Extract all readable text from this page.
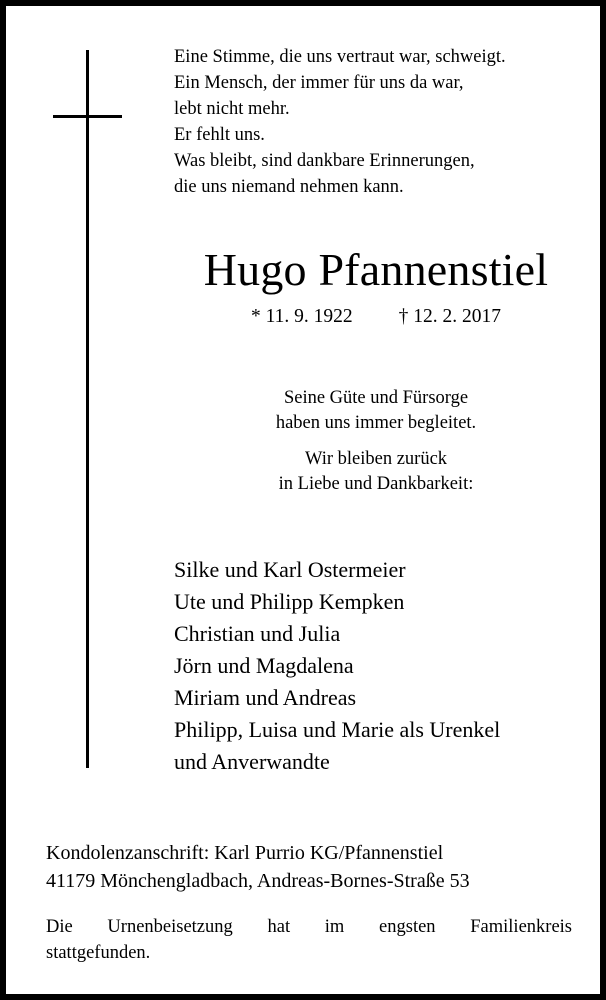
Eine Stimme, die uns vertraut war, schweigt.
Ein Mensch, der immer für uns da war,
lebt nicht mehr.
Er fehlt uns.
Was bleibt, sind dankbare Erinnerungen,
die uns niemand nehmen kann.
Hugo Pfannenstiel
* 11. 9. 1922 † 12. 2. 2017
Seine Güte und Fürsorge
haben uns immer begleitet.
Wir bleiben zurück
in Liebe und Dankbarkeit:
Silke und Karl Ostermeier
Ute und Philipp Kempken
Christian und Julia
Jörn und Magdalena
Miriam und Andreas
Philipp, Luisa und Marie als Urenkel
und Anverwandte
Kondolenzanschrift: Karl Purrio KG/Pfannenstiel
41179 Mönchengladbach, Andreas-Bornes-Straße 53
Die Urnenbeisetzung hat im engsten Familienkreis
stattgefunden.
